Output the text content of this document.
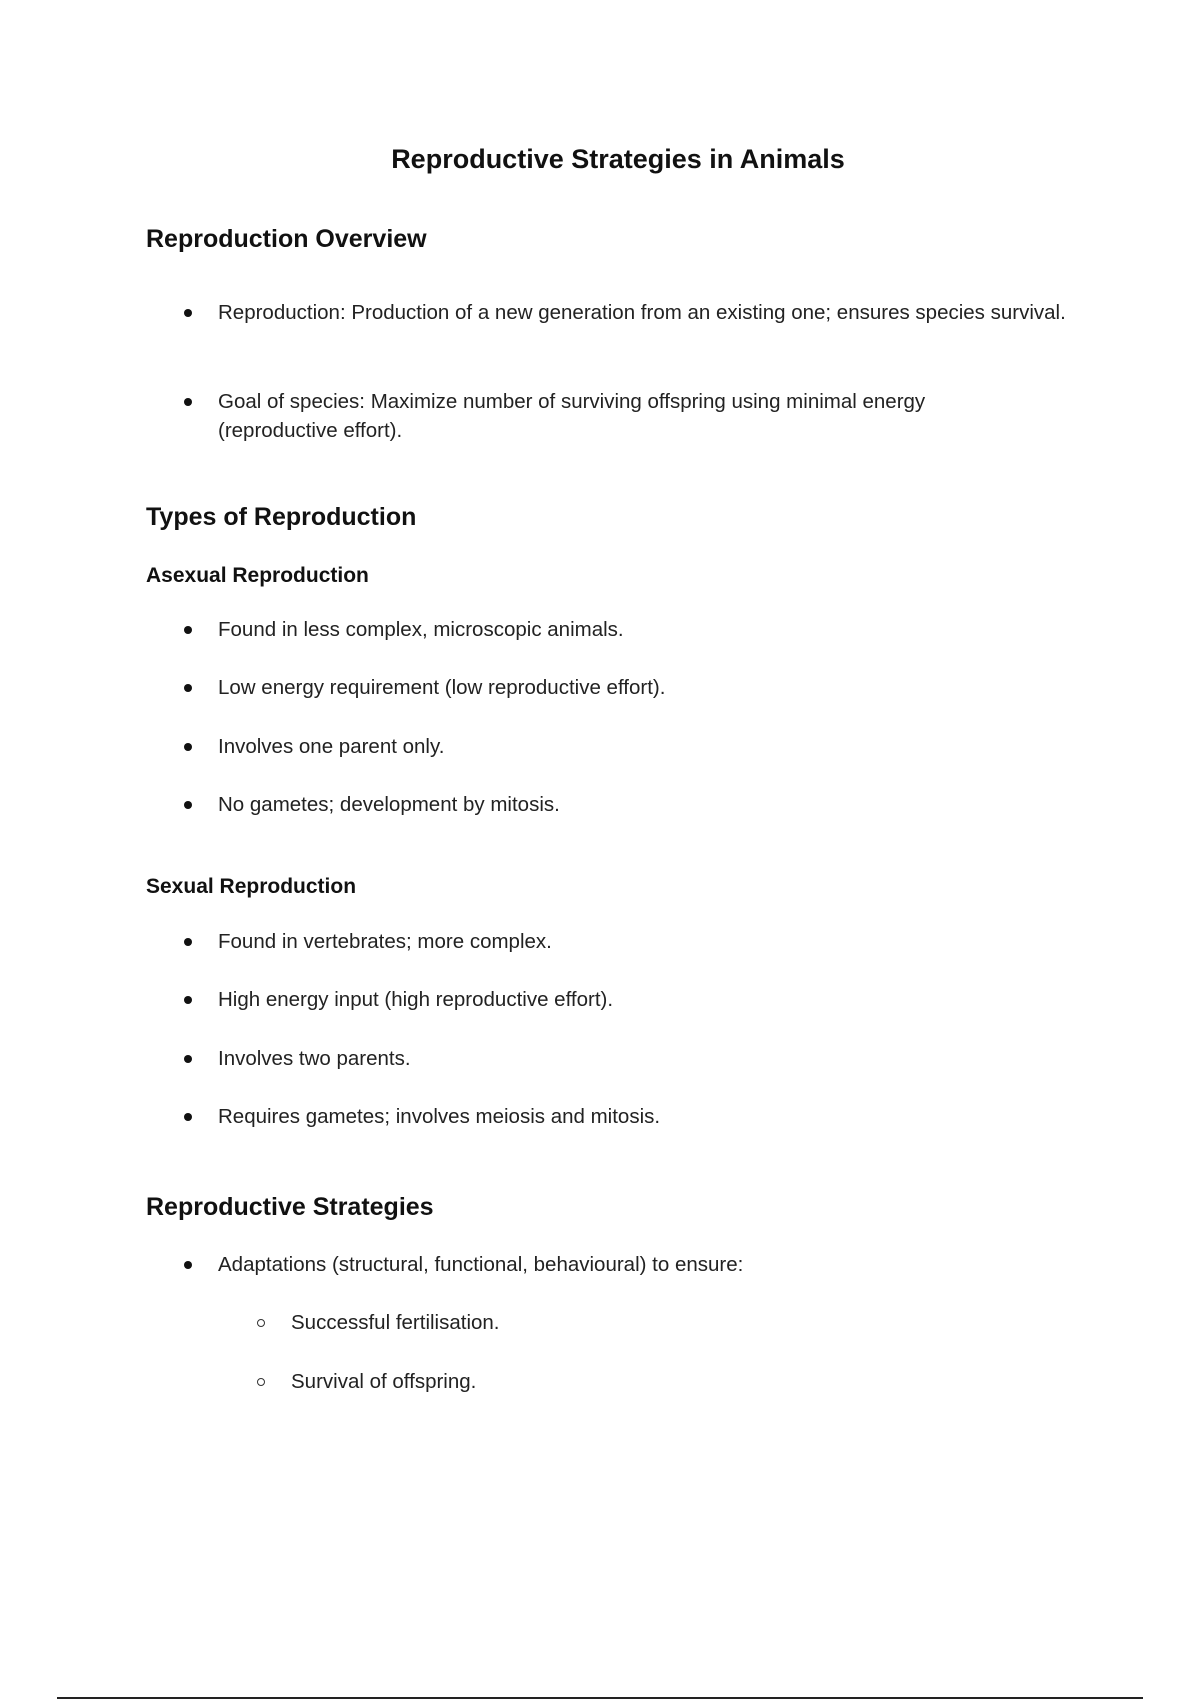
Reproductive Strategies in Animals
Reproduction Overview
Reproduction: Production of a new generation from an existing one; ensures species survival.
Goal of species: Maximize number of surviving offspring using minimal energy (reproductive effort).
Types of Reproduction
Asexual Reproduction
Found in less complex, microscopic animals.
Low energy requirement (low reproductive effort).
Involves one parent only.
No gametes; development by mitosis.
Sexual Reproduction
Found in vertebrates; more complex.
High energy input (high reproductive effort).
Involves two parents.
Requires gametes; involves meiosis and mitosis.
Reproductive Strategies
Adaptations (structural, functional, behavioural) to ensure:
Successful fertilisation.
Survival of offspring.
